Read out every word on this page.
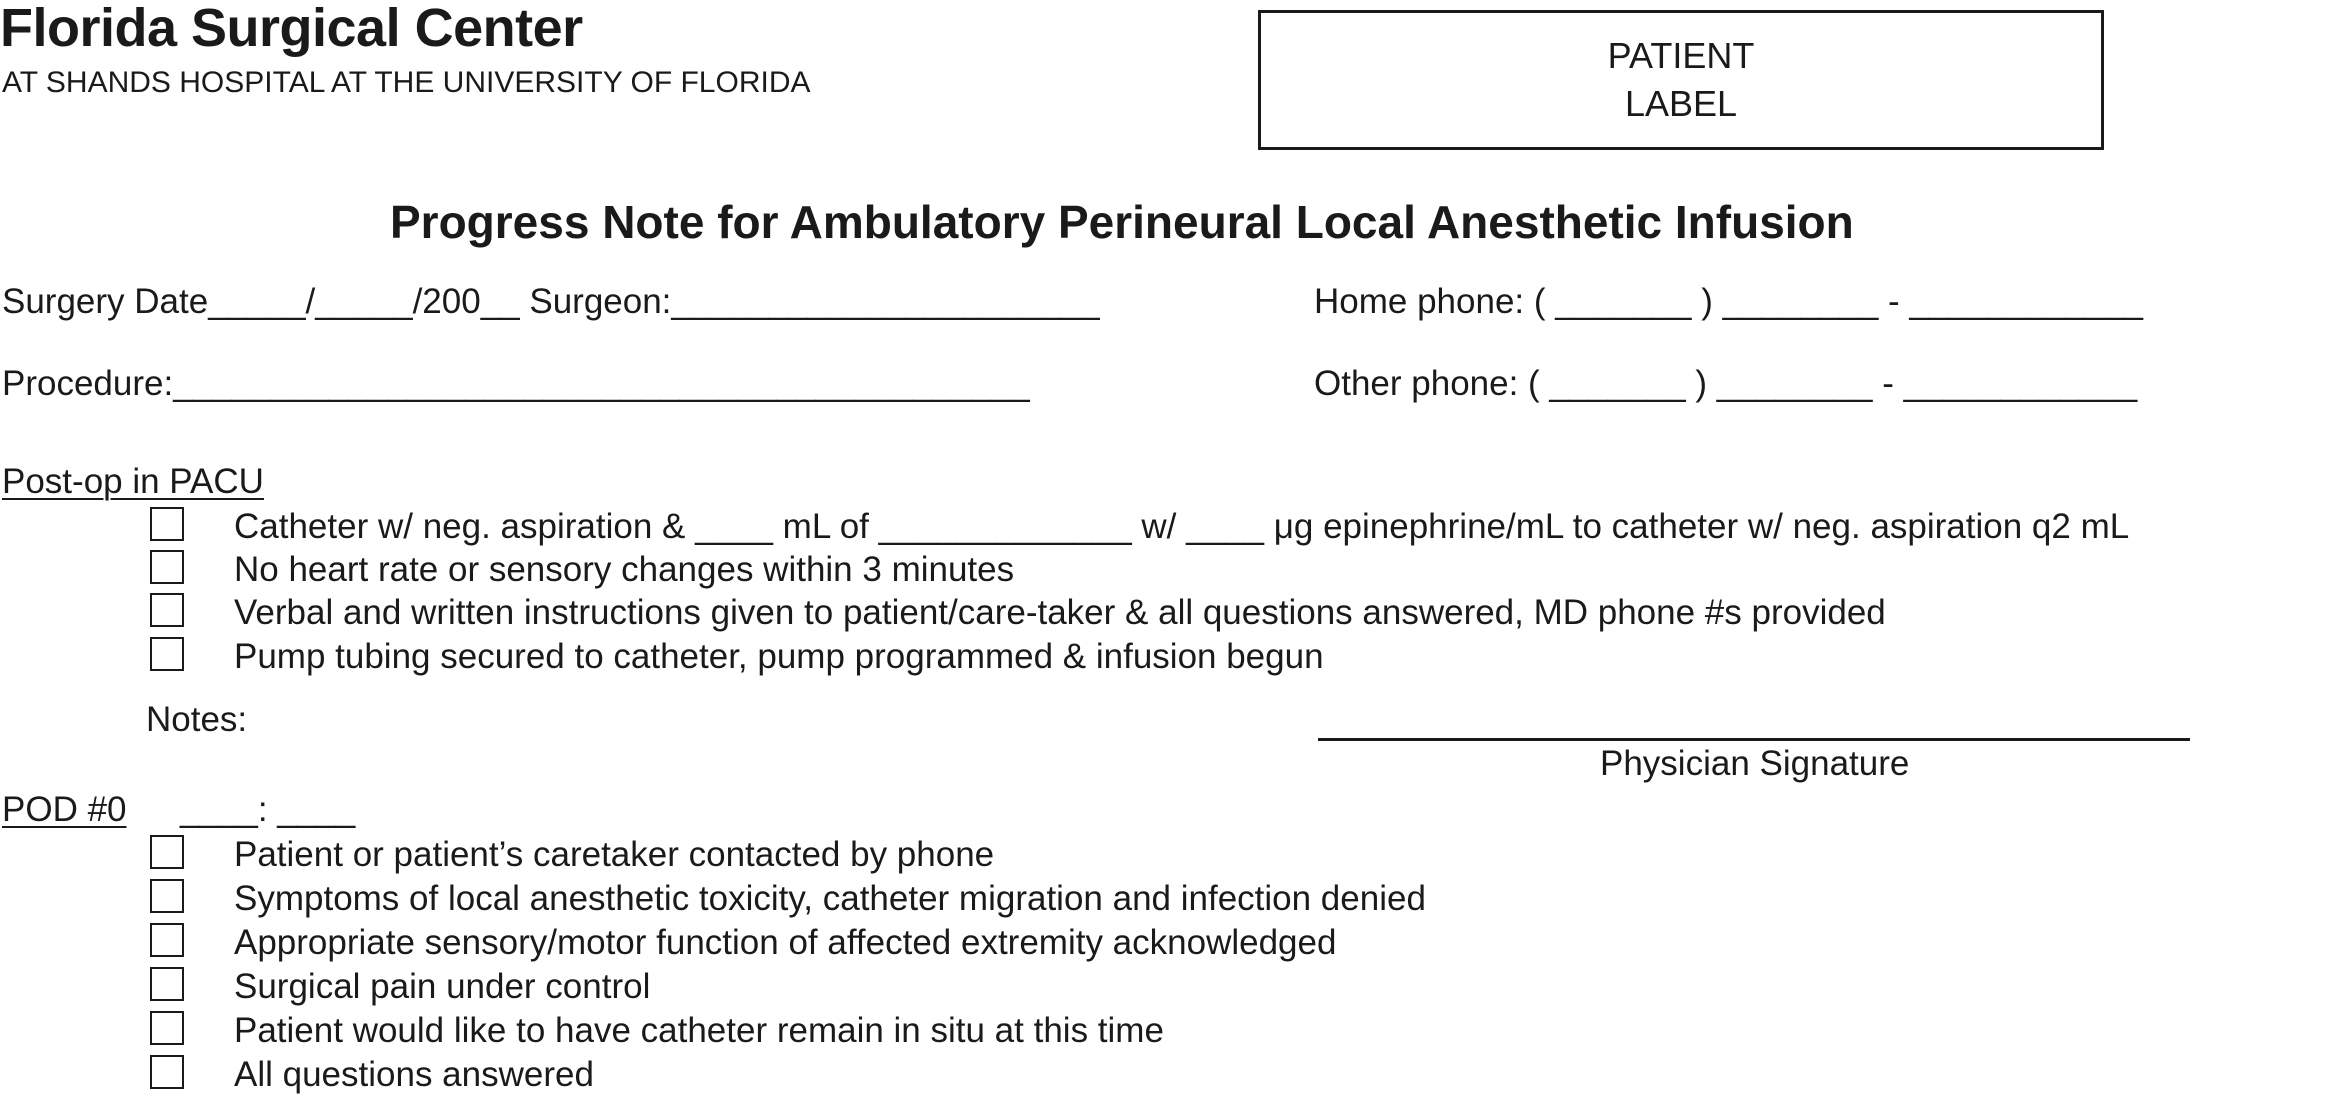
Florida Surgical Center
AT SHANDS HOSPITAL AT THE UNIVERSITY OF FLORIDA
PATIENT
LABEL
Progress Note for Ambulatory Perineural Local Anesthetic Infusion
Surgery Date_____/_____/200__ Surgeon:______________________	Home phone: ( _______ ) ________ - ____________
Procedure:____________________________________________	Other phone: ( _______ ) ________ - ____________
Post-op in PACU
Catheter w/ neg. aspiration & ____ mL of _____________ w/ ____ μg epinephrine/mL to catheter w/ neg. aspiration q2 mL
No heart rate or sensory changes within 3 minutes
Verbal and written instructions given to patient/care-taker & all questions answered, MD phone #s provided
Pump tubing secured to catheter, pump programmed & infusion begun
Notes:
Physician Signature
POD #0 ____: ____
Patient or patient’s caretaker contacted by phone
Symptoms of local anesthetic toxicity, catheter migration and infection denied
Appropriate sensory/motor function of affected extremity acknowledged
Surgical pain under control
Patient would like to have catheter remain in situ at this time
All questions answered
